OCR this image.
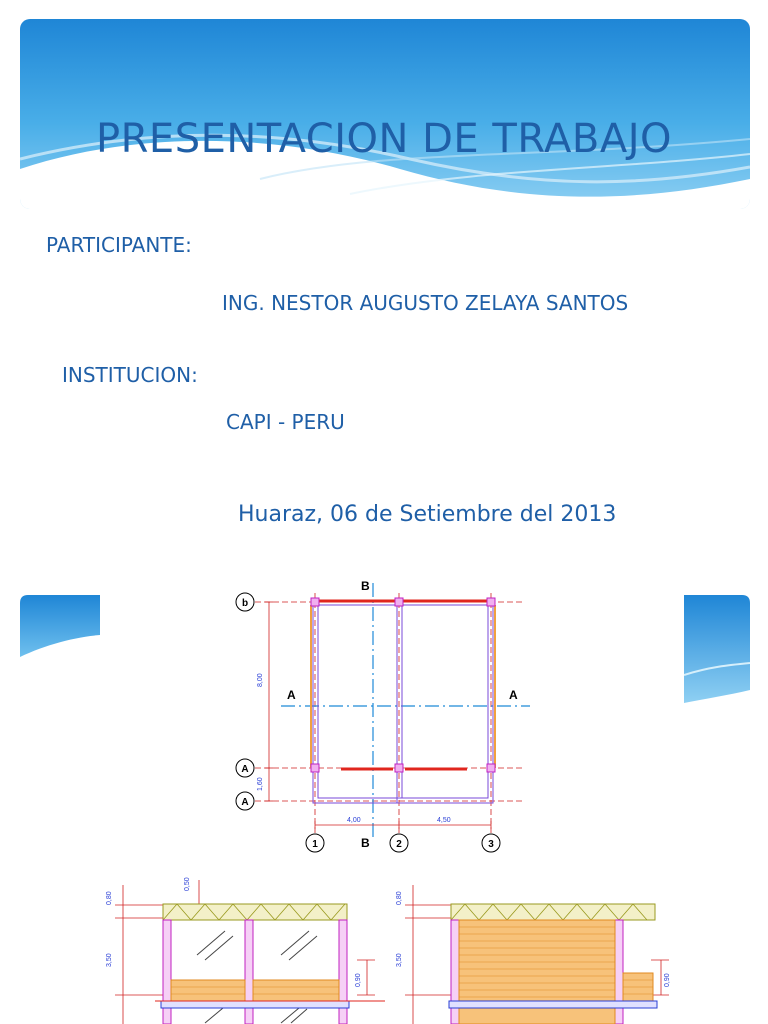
PRESENTACION DE TRABAJO
PARTICIPANTE:
ING. NESTOR AUGUSTO ZELAYA SANTOS
INSTITUCION:
CAPI - PERU
Huaraz, 06 de Setiembre del 2013
8,00
1,60
4,00	4,50
b
A
A
1	2	3
B
B
A	A
0,80
0,50
3,50
0,90
0,80
3,50
0,90
